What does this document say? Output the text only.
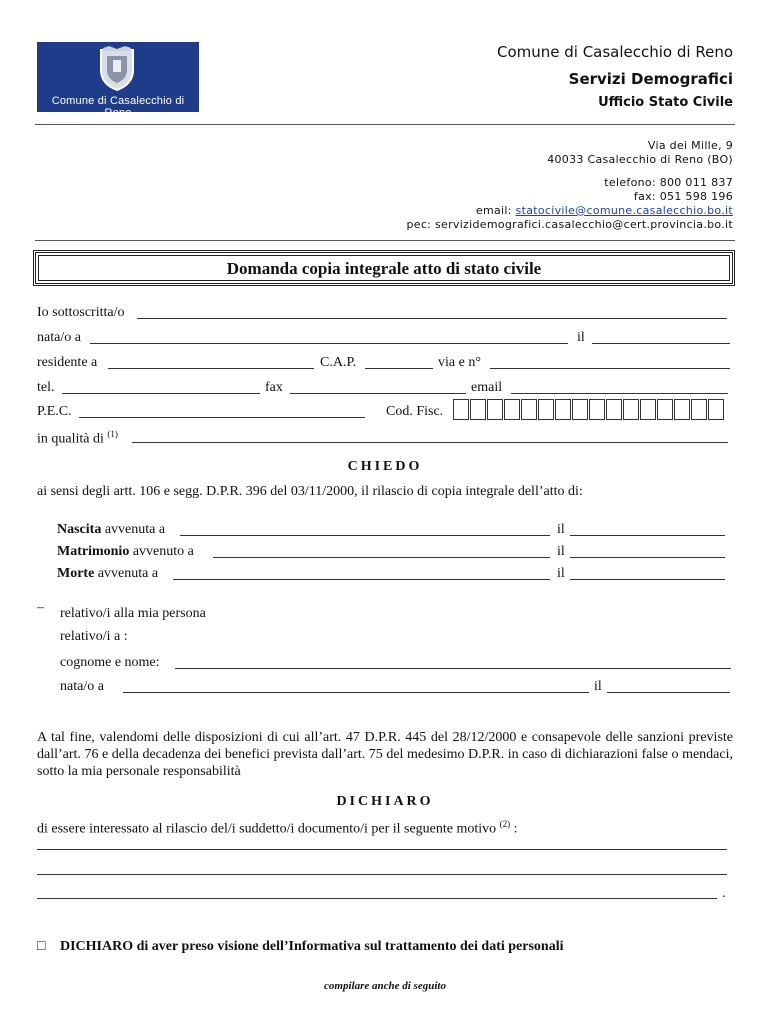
Comune di Casalecchio di Reno
Comune di Casalecchio di Reno
Servizi Demografici
Ufficio Stato Civile
Via dei Mille, 9
40033 Casalecchio di Reno (BO)
telefono: 800 011 837
fax: 051 598 196
email: statocivile@comune.casalecchio.bo.it
pec: servizidemografici.casalecchio@cert.provincia.bo.it
Domanda copia integrale atto di stato civile
Io sottoscritta/o
nata/o a	il
residente a	C.A.P.	via e n°
tel.	fax	email
P.E.C.	Cod. Fisc.
in qualità di $^{(1)}$
CHIEDO
ai sensi degli artt. 106 e segg. D.P.R. 396 del 03/11/2000, il rilascio di copia integrale dell’atto di:
Nascita avvenuta a	il
Matrimonio avvenuto a	il
Morte avvenuta a	il
– relativo/i alla mia persona
relativo/i a :
cognome e nome:
nata/o a	il
A tal fine, valendomi delle disposizioni di cui all’art. 47 D.P.R. 445 del 28/12/2000 e consapevole delle sanzioni previste dall’art. 76 e della decadenza dei benefici prevista dall’art. 75 del medesimo D.P.R. in caso di dichiarazioni false o mendaci, sotto la mia personale responsabilità
DICHIARO
di essere interessato al rilascio del/i suddetto/i documento/i per il seguente motivo $^{(2)}$ :
.
□ DICHIARO di aver preso visione dell’Informativa sul trattamento dei dati personali
compilare anche di seguito
